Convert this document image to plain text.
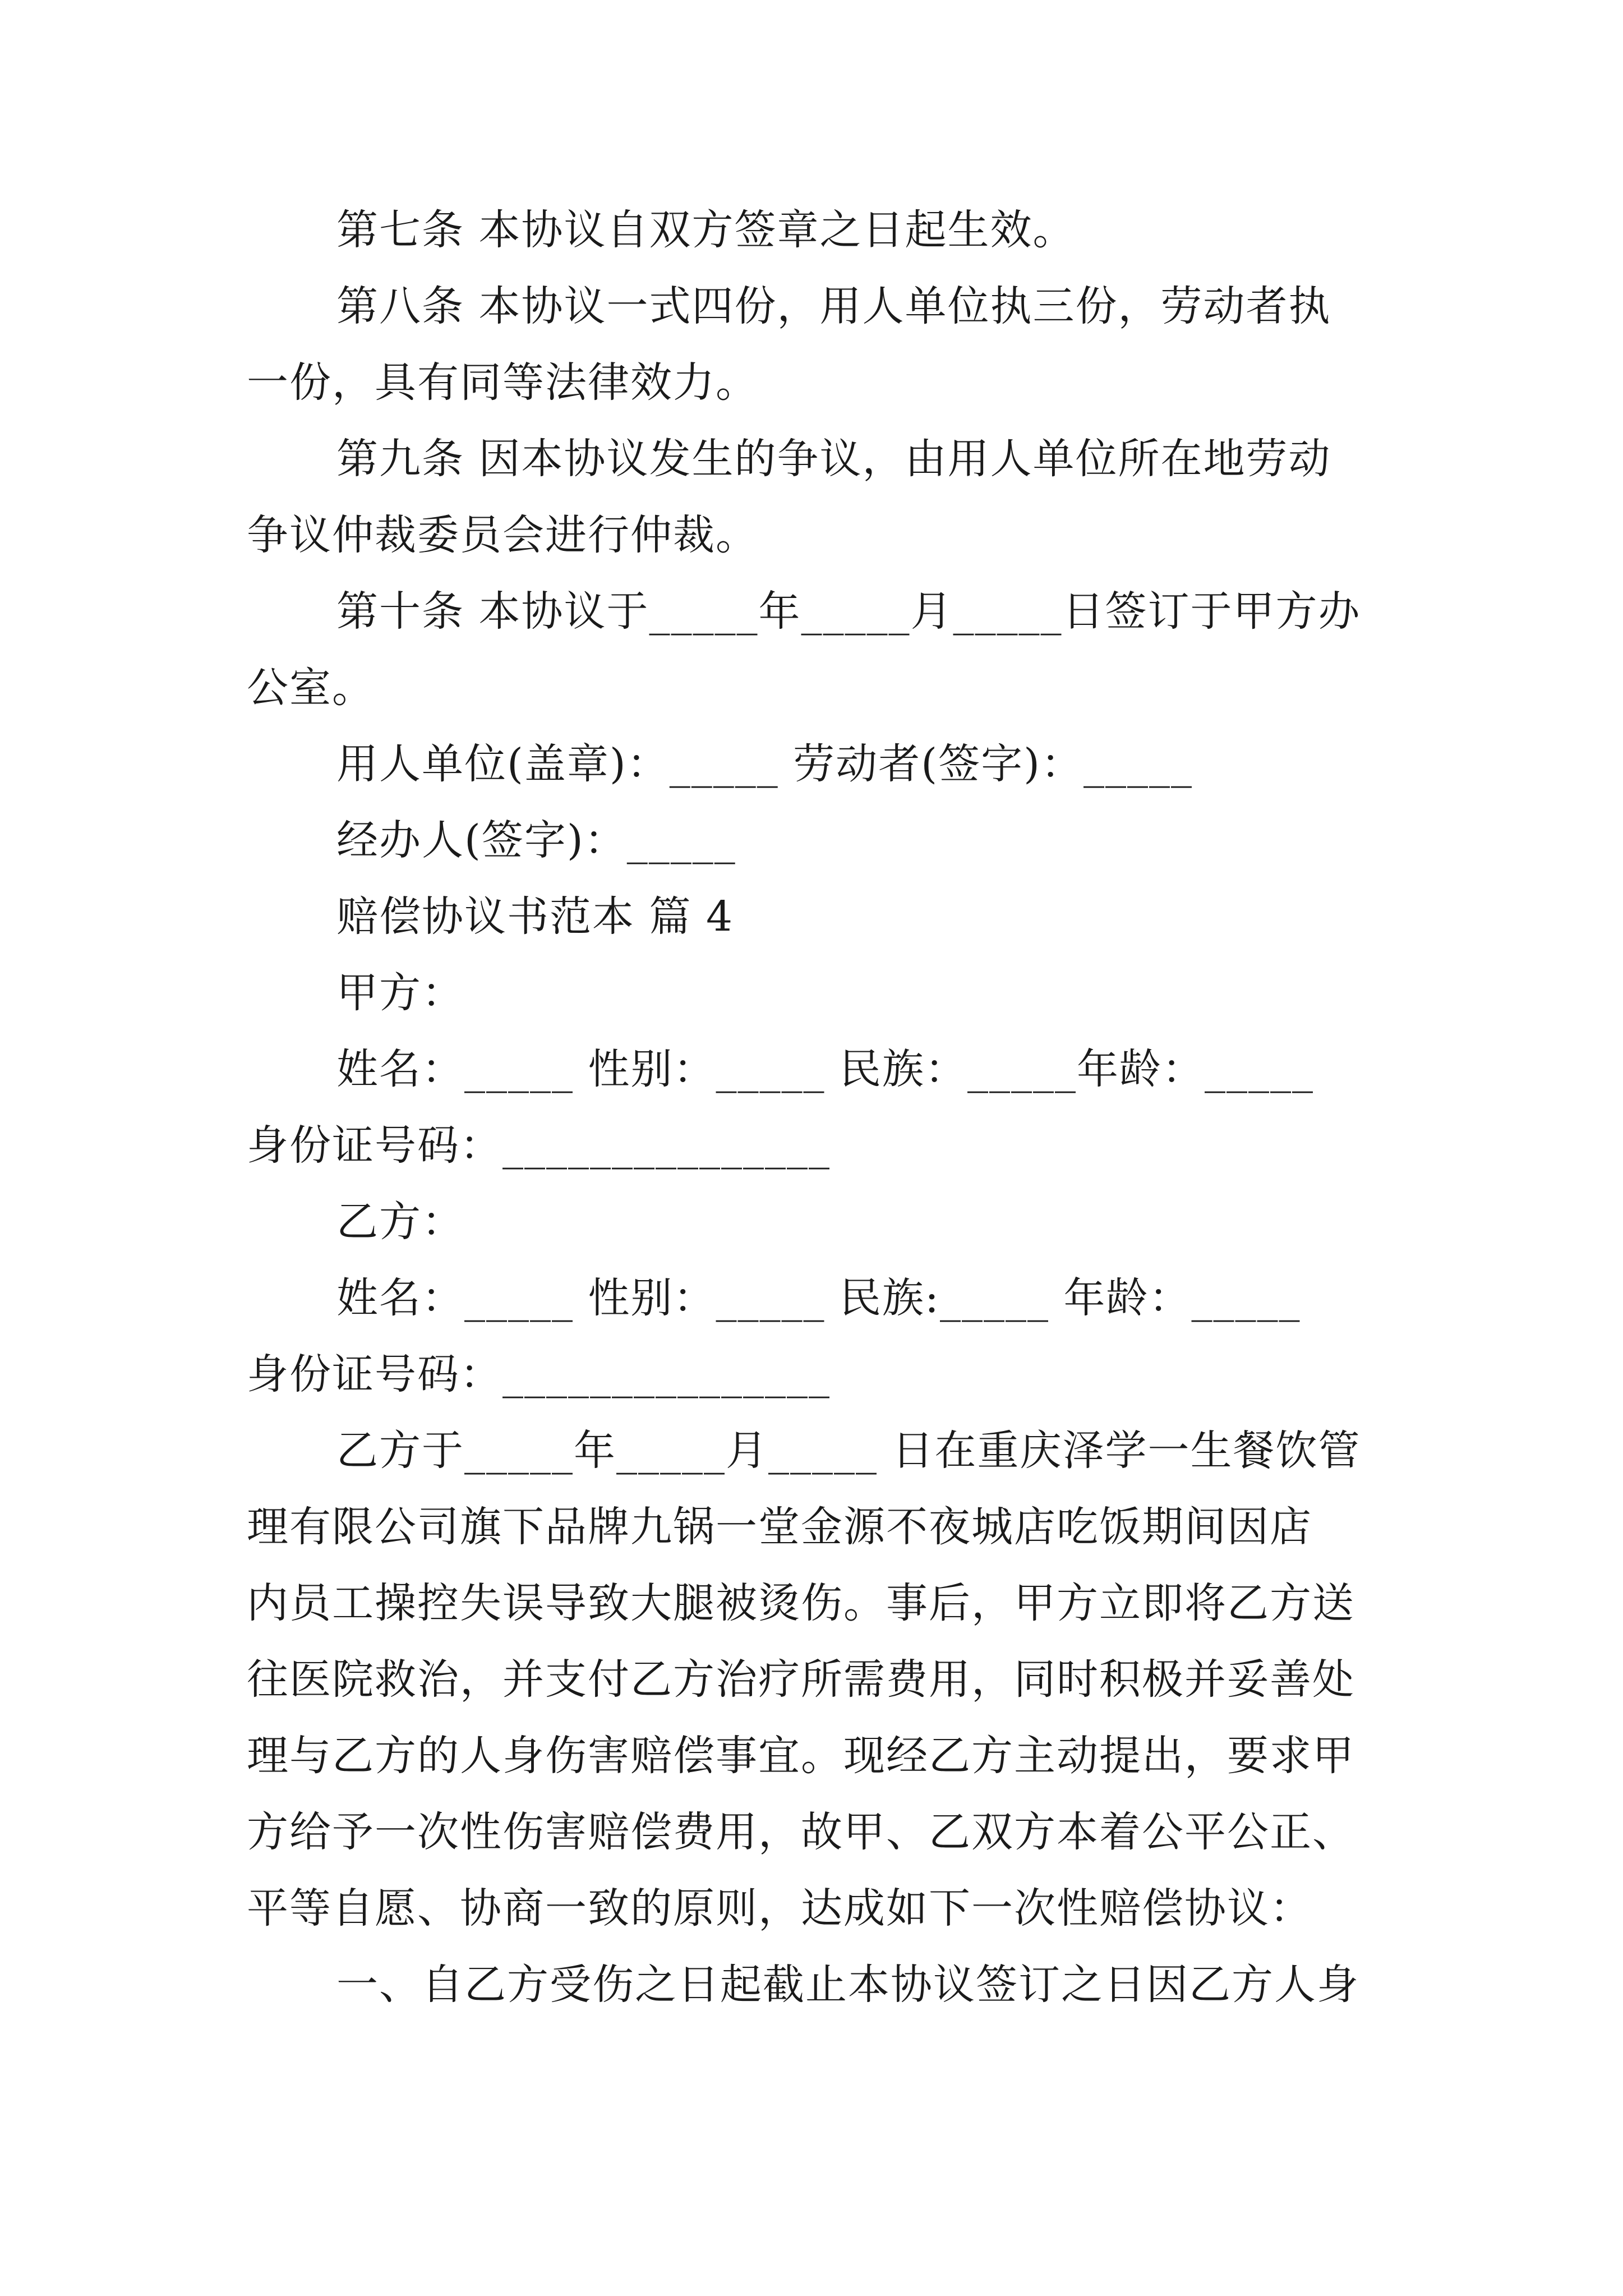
第七条 本协议自双方签章之日起生效。
第八条 本协议一式四份，用人单位执三份，劳动者执
一份，具有同等法律效力。
第九条 因本协议发生的争议，由用人单位所在地劳动
争议仲裁委员会进行仲裁。
第十条 本协议于_____年_____月_____日签订于甲方办
公室。
用人单位(盖章)：_____ 劳动者(签字)：_____
经办人(签字)：_____
赔偿协议书范本 篇 4
甲方：
姓名：_____ 性别：_____ 民族：_____年龄：_____
身份证号码：_______________
乙方：
姓名：_____ 性别：_____ 民族:_____ 年龄：_____
身份证号码：_______________
乙方于_____年_____月_____ 日在重庆泽学一生餐饮管
理有限公司旗下品牌九锅一堂金源不夜城店吃饭期间因店
内员工操控失误导致大腿被烫伤。事后，甲方立即将乙方送
往医院救治，并支付乙方治疗所需费用，同时积极并妥善处
理与乙方的人身伤害赔偿事宜。现经乙方主动提出，要求甲
方给予一次性伤害赔偿费用，故甲、乙双方本着公平公正、
平等自愿、协商一致的原则，达成如下一次性赔偿协议：
一、自乙方受伤之日起截止本协议签订之日因乙方人身
